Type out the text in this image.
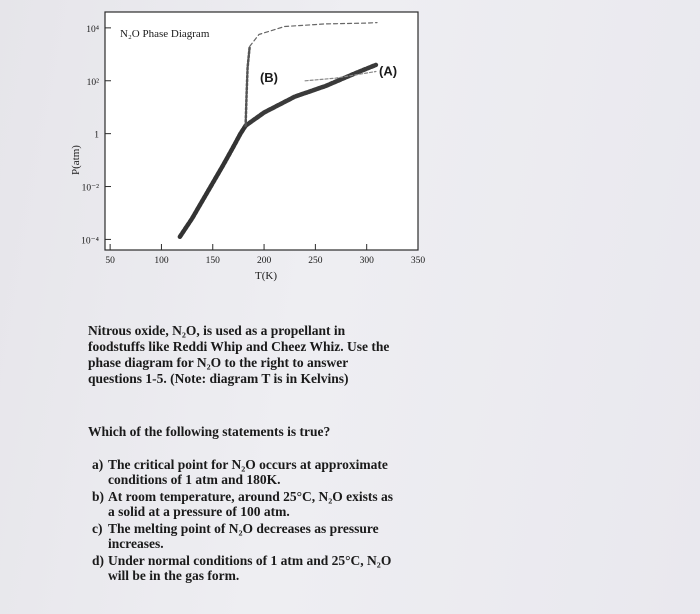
N₂O Phase Diagram
10⁴
10²
1
10⁻²
10⁻⁴
50	100	150	200	250	300	350
(B)	(A)
P(atm)
T(K)
Nitrous oxide, N₂O, is used as a propellant in
foodstuffs like Reddi Whip and Cheez Whiz. Use the
phase diagram for N₂O to the right to answer
questions 1-5. (Note: diagram T is in Kelvins)
Which of the following statements is true?
a) The critical point for N₂O occurs at approximate
conditions of 1 atm and 180K.
b) At room temperature, around 25°C, N₂O exists as
a solid at a pressure of 100 atm.
c) The melting point of N₂O decreases as pressure
increases.
d) Under normal conditions of 1 atm and 25°C, N₂O
will be in the gas form.
